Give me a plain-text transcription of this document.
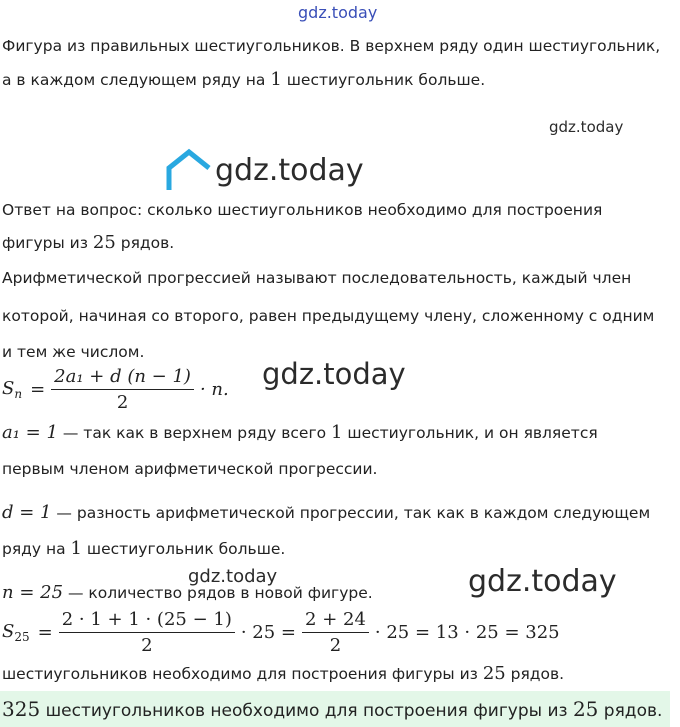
gdz.today
gdz.today
gdz.today
gdz.today
gdz.today	gdz.today
Фигура из правильных шестиугольников. В верхнем ряду один шестиугольник,
а в каждом следующем ряду на 1 шестиугольник больше.
Ответ на вопрос: сколько шестиугольников необходимо для построения
фигуры из 25 рядов.
Арифметической прогрессией называют последовательность, каждый член
которой, начиная со второго, равен предыдущему члену, сложенному с одним
и тем же числом.
$S_n = \frac{\text{2a₁ + d (n − 1)}}{2} \cdot n$.
a₁ = 1 — так как в верхнем ряду всего 1 шестиугольник, и он является
первым членом арифметической прогрессии.
d = 1 — разность арифметической прогрессии, так как в каждом следующем
ряду на 1 шестиугольник больше.
n = 25 — количество рядов в новой фигуре.
$S_{25} = \frac{2 \cdot 1 + 1 \cdot (25 - 1)}{2} \cdot 25 = \frac{2 + 24}{2} \cdot 25 = 13 \cdot 25 = 325$
шестиугольников необходимо для построения фигуры из 25 рядов.
325 шестиугольников необходимо для построения фигуры из 25 рядов.
